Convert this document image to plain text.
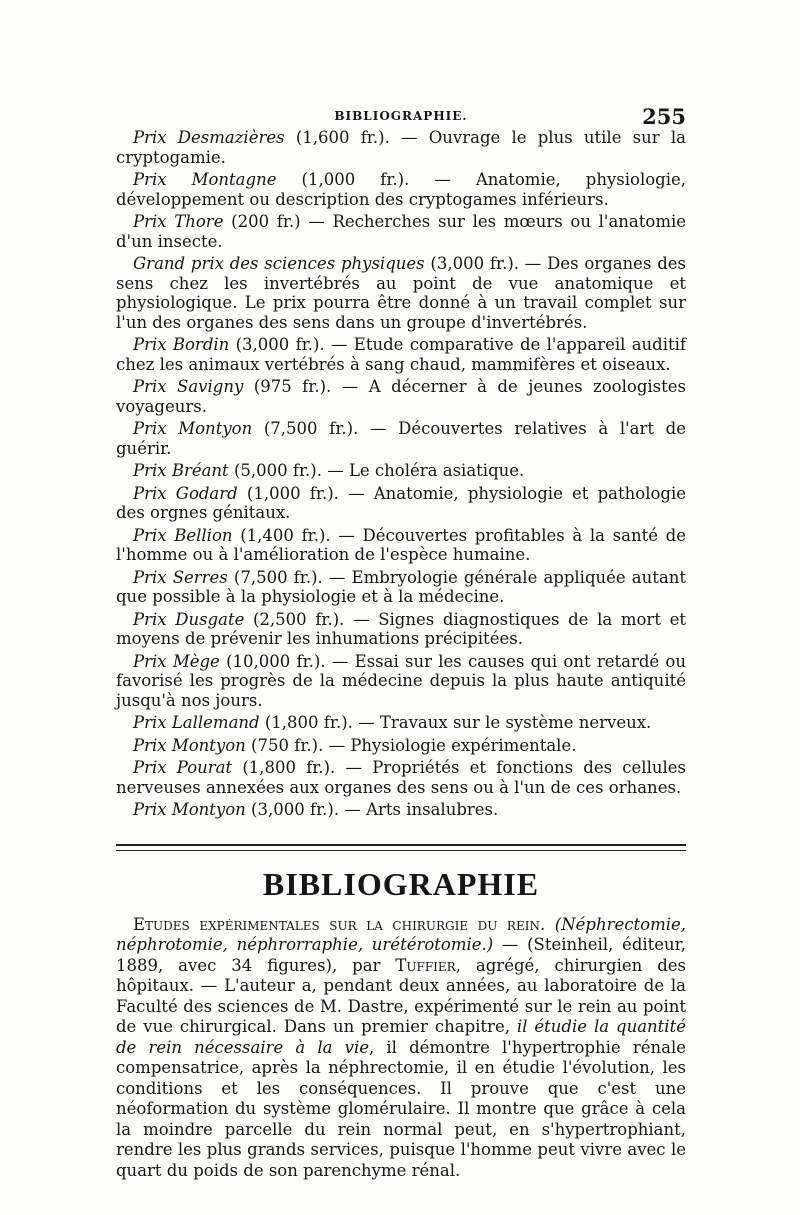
BIBLIOGRAPHIE.	255

Prix Desmazières (1,600 fr.). — Ouvrage le plus utile sur la cryptogamie.

Prix Montagne (1,000 fr.). — Anatomie, physiologie, développement ou description des cryptogames inférieurs.

Prix Thore (200 fr.) — Recherches sur les mœurs ou l'anatomie d'un insecte.

Grand prix des sciences physiques (3,000 fr.). — Des organes des sens chez les invertébrés au point de vue anatomique et physiologique. Le prix pourra être donné à un travail complet sur l'un des organes des sens dans un groupe d'invertébrés.

Prix Bordin (3,000 fr.). — Etude comparative de l'appareil auditif chez les animaux vertébrés à sang chaud, mammifères et oiseaux.

Prix Savigny (975 fr.). — A décerner à de jeunes zoologistes voyageurs.

Prix Montyon (7,500 fr.). — Découvertes relatives à l'art de guérir.

Prix Bréant (5,000 fr.). — Le choléra asiatique.

Prix Godard (1,000 fr.). — Anatomie, physiologie et pathologie des orgnes génitaux.

Prix Bellion (1,400 fr.). — Découvertes profitables à la santé de l'homme ou à l'amélioration de l'espèce humaine.

Prix Serres (7,500 fr.). — Embryologie générale appliquée autant que possible à la physiologie et à la médecine.

Prix Dusgate (2,500 fr.). — Signes diagnostiques de la mort et moyens de prévenir les inhumations précipitées.

Prix Mège (10,000 fr.). — Essai sur les causes qui ont retardé ou favorisé les progrès de la médecine depuis la plus haute antiquité jusqu'à nos jours.

Prix Lallemand (1,800 fr.). — Travaux sur le système nerveux.

Prix Montyon (750 fr.). — Physiologie expérimentale.

Prix Pourat (1,800 fr.). — Propriétés et fonctions des cellules nerveuses annexées aux organes des sens ou à l'un de ces orhanes.

Prix Montyon (3,000 fr.). — Arts insalubres.

BIBLIOGRAPHIE

Etudes expérimentales sur la chirurgie du rein. (Néphrectomie, néphrotomie, néphrorraphie, urétérotomie.) — (Steinheil, éditeur, 1889, avec 34 figures), par Tuffier, agrégé, chirurgien des hôpitaux. — L'auteur a, pendant deux années, au laboratoire de la Faculté des sciences de M. Dastre, expérimenté sur le rein au point de vue chirurgical. Dans un premier chapitre, il étudie la quantité de rein nécessaire à la vie, il démontre l'hypertrophie rénale compensatrice, après la néphrectomie, il en étudie l'évolution, les conditions et les conséquences. Il prouve que c'est une néoformation du système glomérulaire. Il montre que grâce à cela la moindre parcelle du rein normal peut, en s'hypertrophiant, rendre les plus grands services, puisque l'homme peut vivre avec le quart du poids de son parenchyme rénal.
